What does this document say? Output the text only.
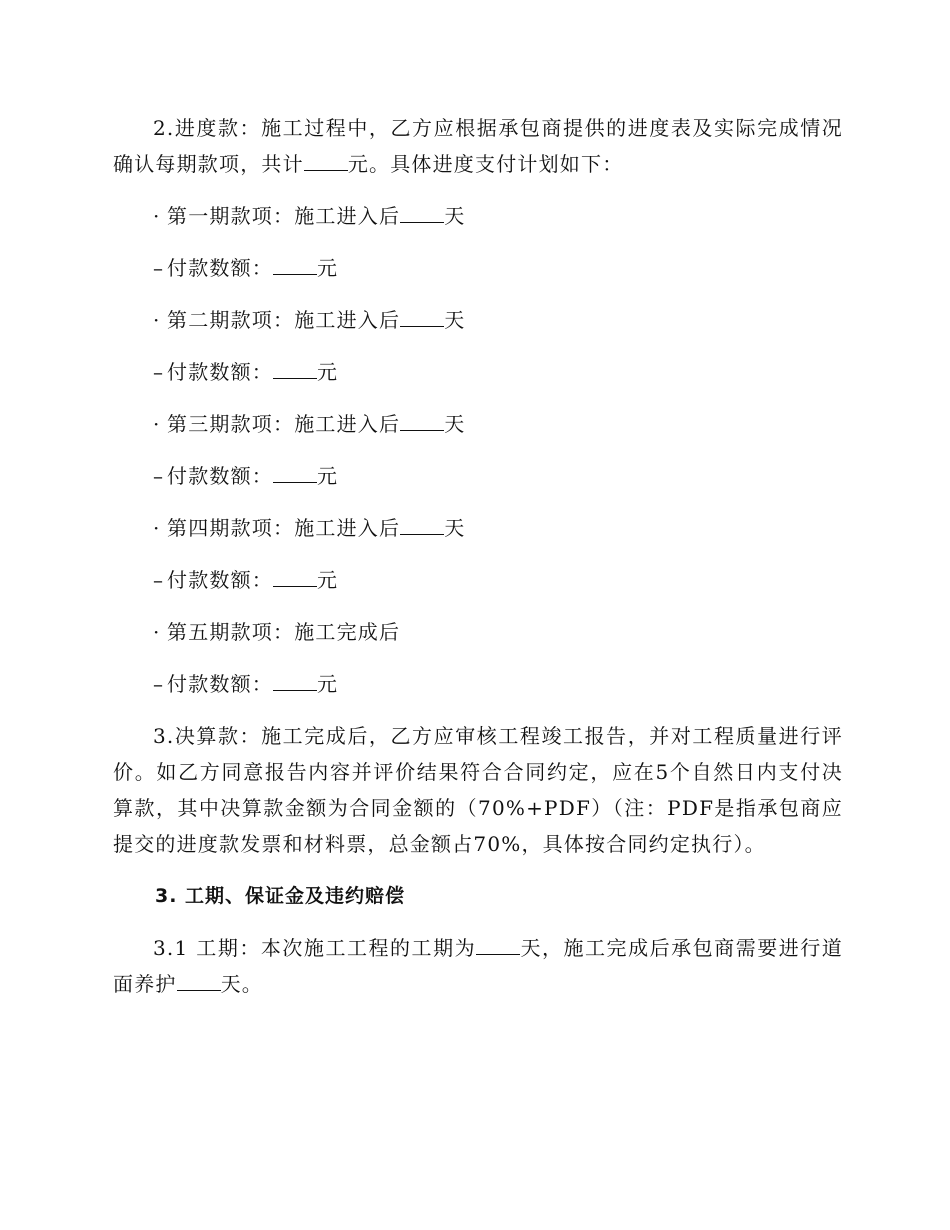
2.进度款：施工过程中，乙方应根据承包商提供的进度表及实际完成情况确认每期款项，共计 元。具体进度支付计划如下：

· 第一期款项：施工进入后 天
– 付款数额： 元
· 第二期款项：施工进入后 天
– 付款数额： 元
· 第三期款项：施工进入后 天
– 付款数额： 元
· 第四期款项：施工进入后 天
– 付款数额： 元
· 第五期款项：施工完成后
– 付款数额： 元

3.决算款：施工完成后，乙方应审核工程竣工报告，并对工程质量进行评价。如乙方同意报告内容并评价结果符合合同约定，应在5个自然日内支付决算款，其中决算款金额为合同金额的（70%+PDF）（注：PDF是指承包商应提交的进度款发票和材料票，总金额占70%，具体按合同约定执行）。

3. 工期、保证金及违约赔偿

3.1 工期：本次施工工程的工期为 天，施工完成后承包商需要进行道面养护 天。
